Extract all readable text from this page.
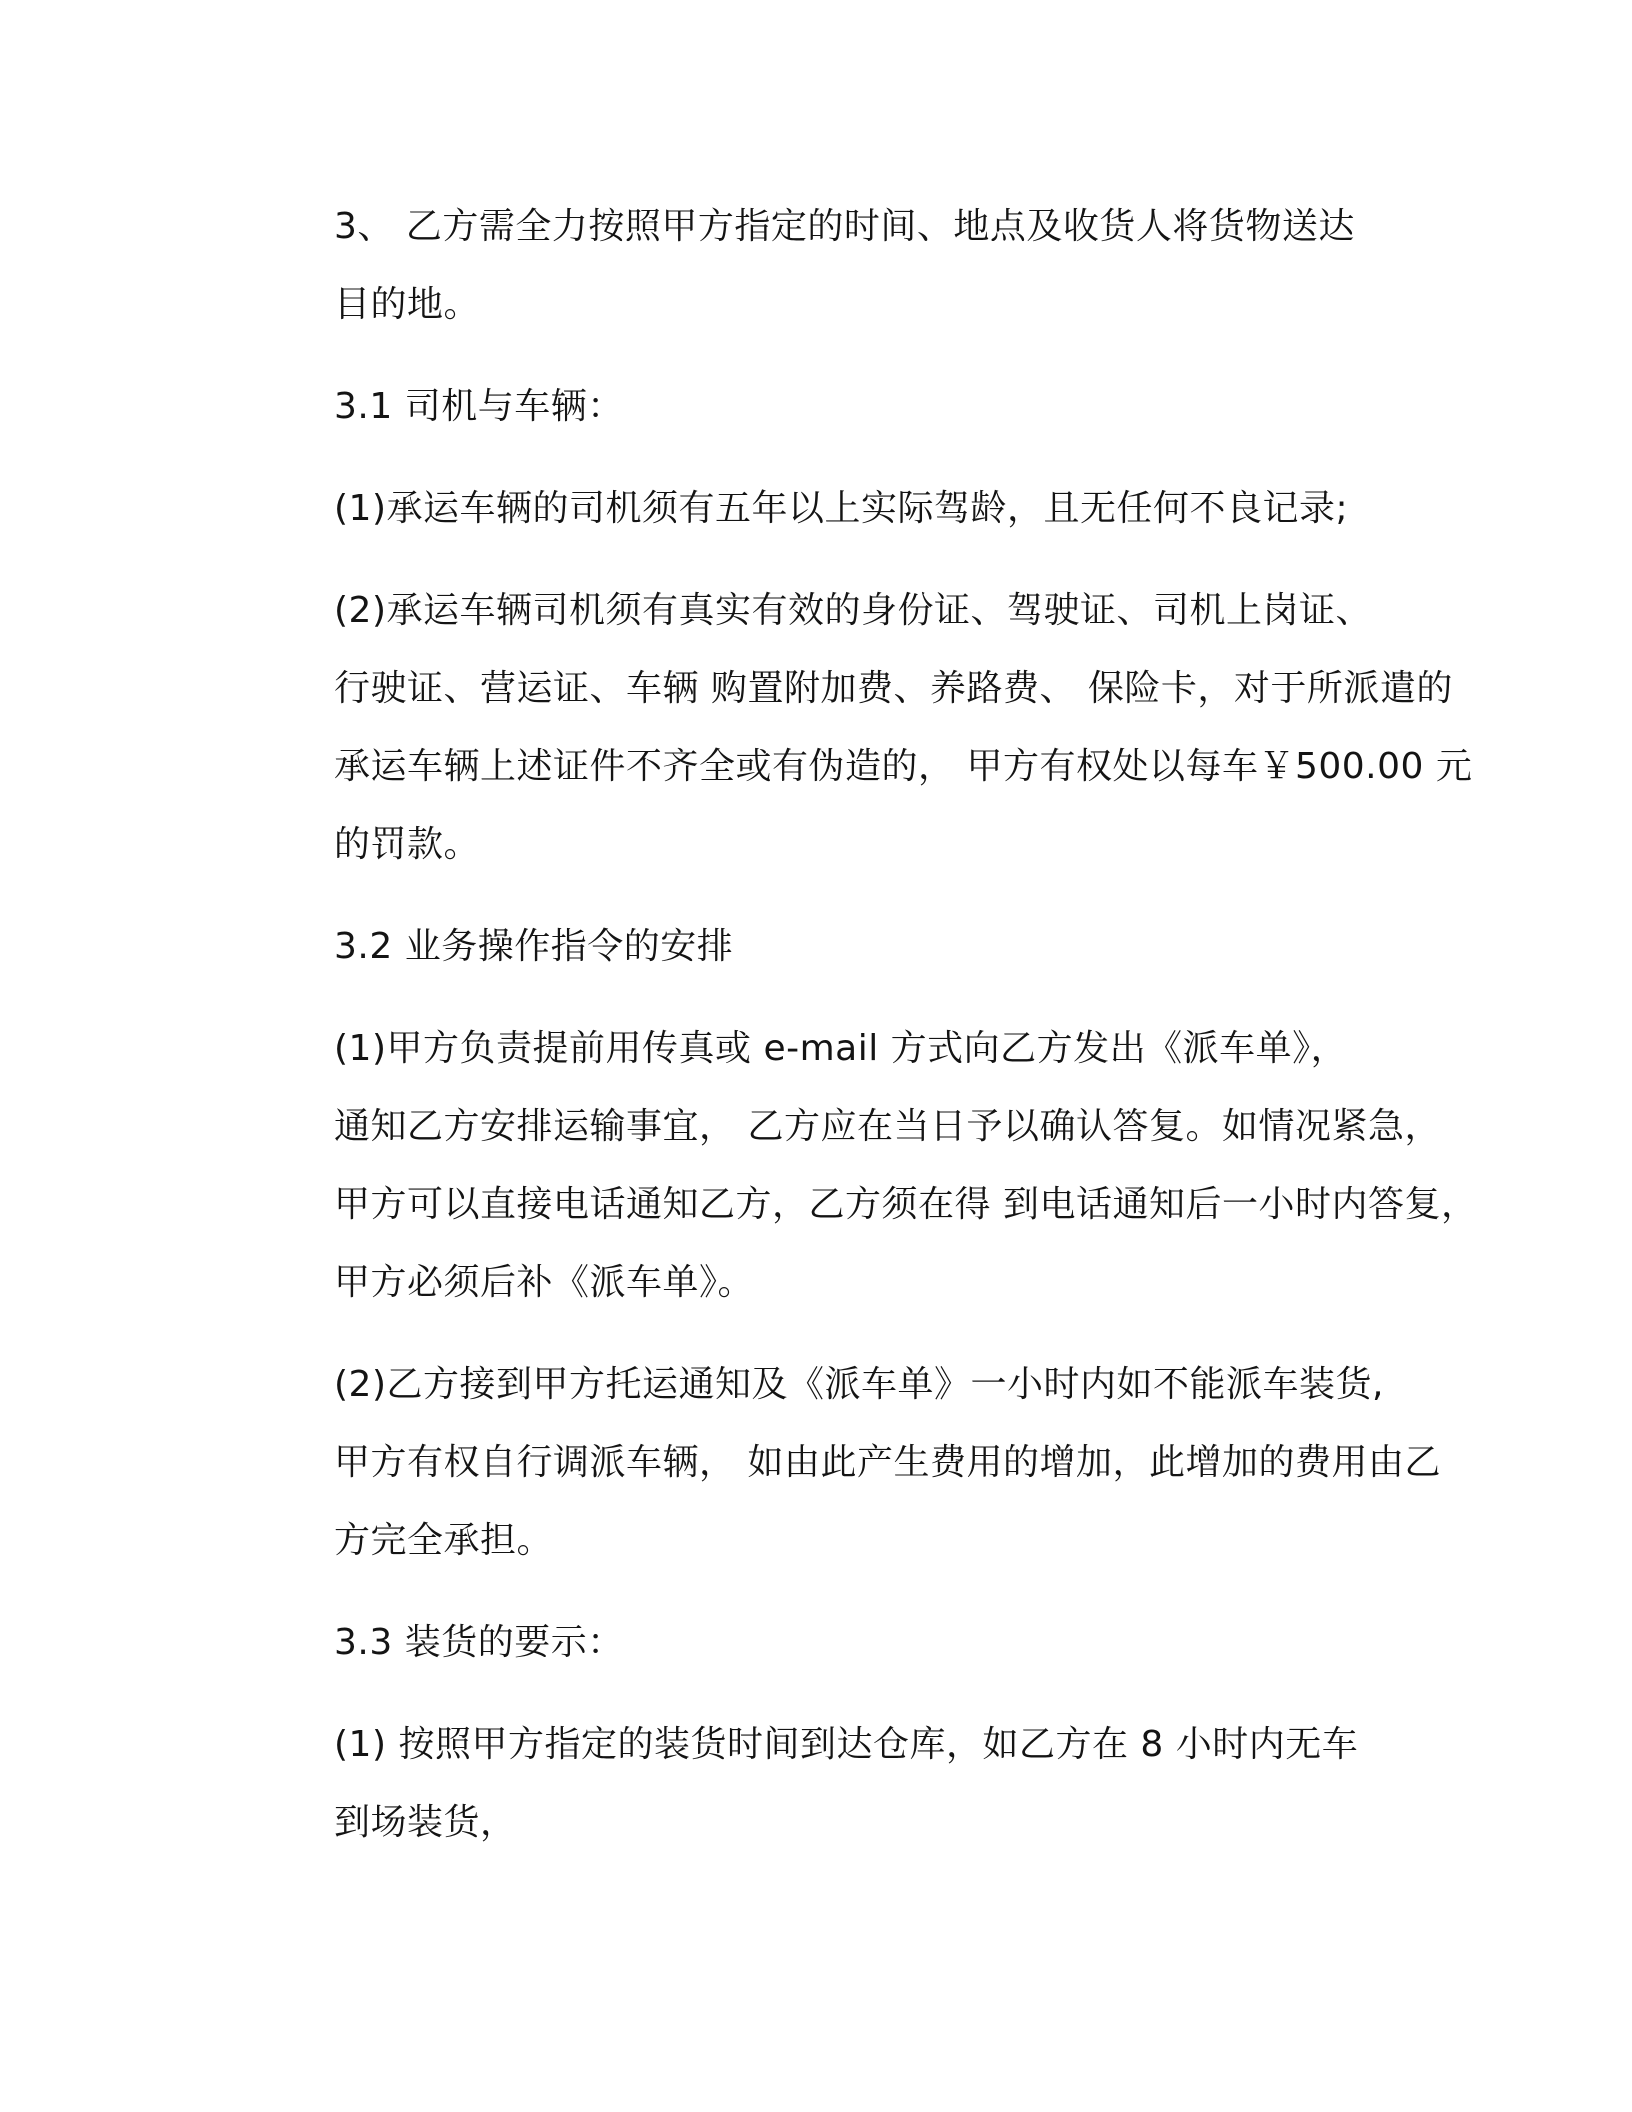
3、 乙方需全力按照甲方指定的时间、地点及收货人将货物送达
目的地。

3.1 司机与车辆：

(1)承运车辆的司机须有五年以上实际驾龄，且无任何不良记录;

(2)承运车辆司机须有真实有效的身份证、驾驶证、司机上岗证、
行驶证、营运证、车辆 购置附加费、养路费、 保险卡，对于所派遣的
承运车辆上述证件不齐全或有伪造的， 甲方有权处以每车￥500.00 元
的罚款。

3.2 业务操作指令的安排

(1)甲方负责提前用传真或 e-mail 方式向乙方发出《派车单》，
通知乙方安排运输事宜， 乙方应在当日予以确认答复。如情况紧急，
甲方可以直接电话通知乙方，乙方须在得 到电话通知后一小时内答复，
甲方必须后补《派车单》。

(2)乙方接到甲方托运通知及《派车单》一小时内如不能派车装货,
甲方有权自行调派车辆， 如由此产生费用的增加，此增加的费用由乙
方完全承担。

3.3 装货的要示：

(1) 按照甲方指定的装货时间到达仓库，如乙方在 8 小时内无车
到场装货，
